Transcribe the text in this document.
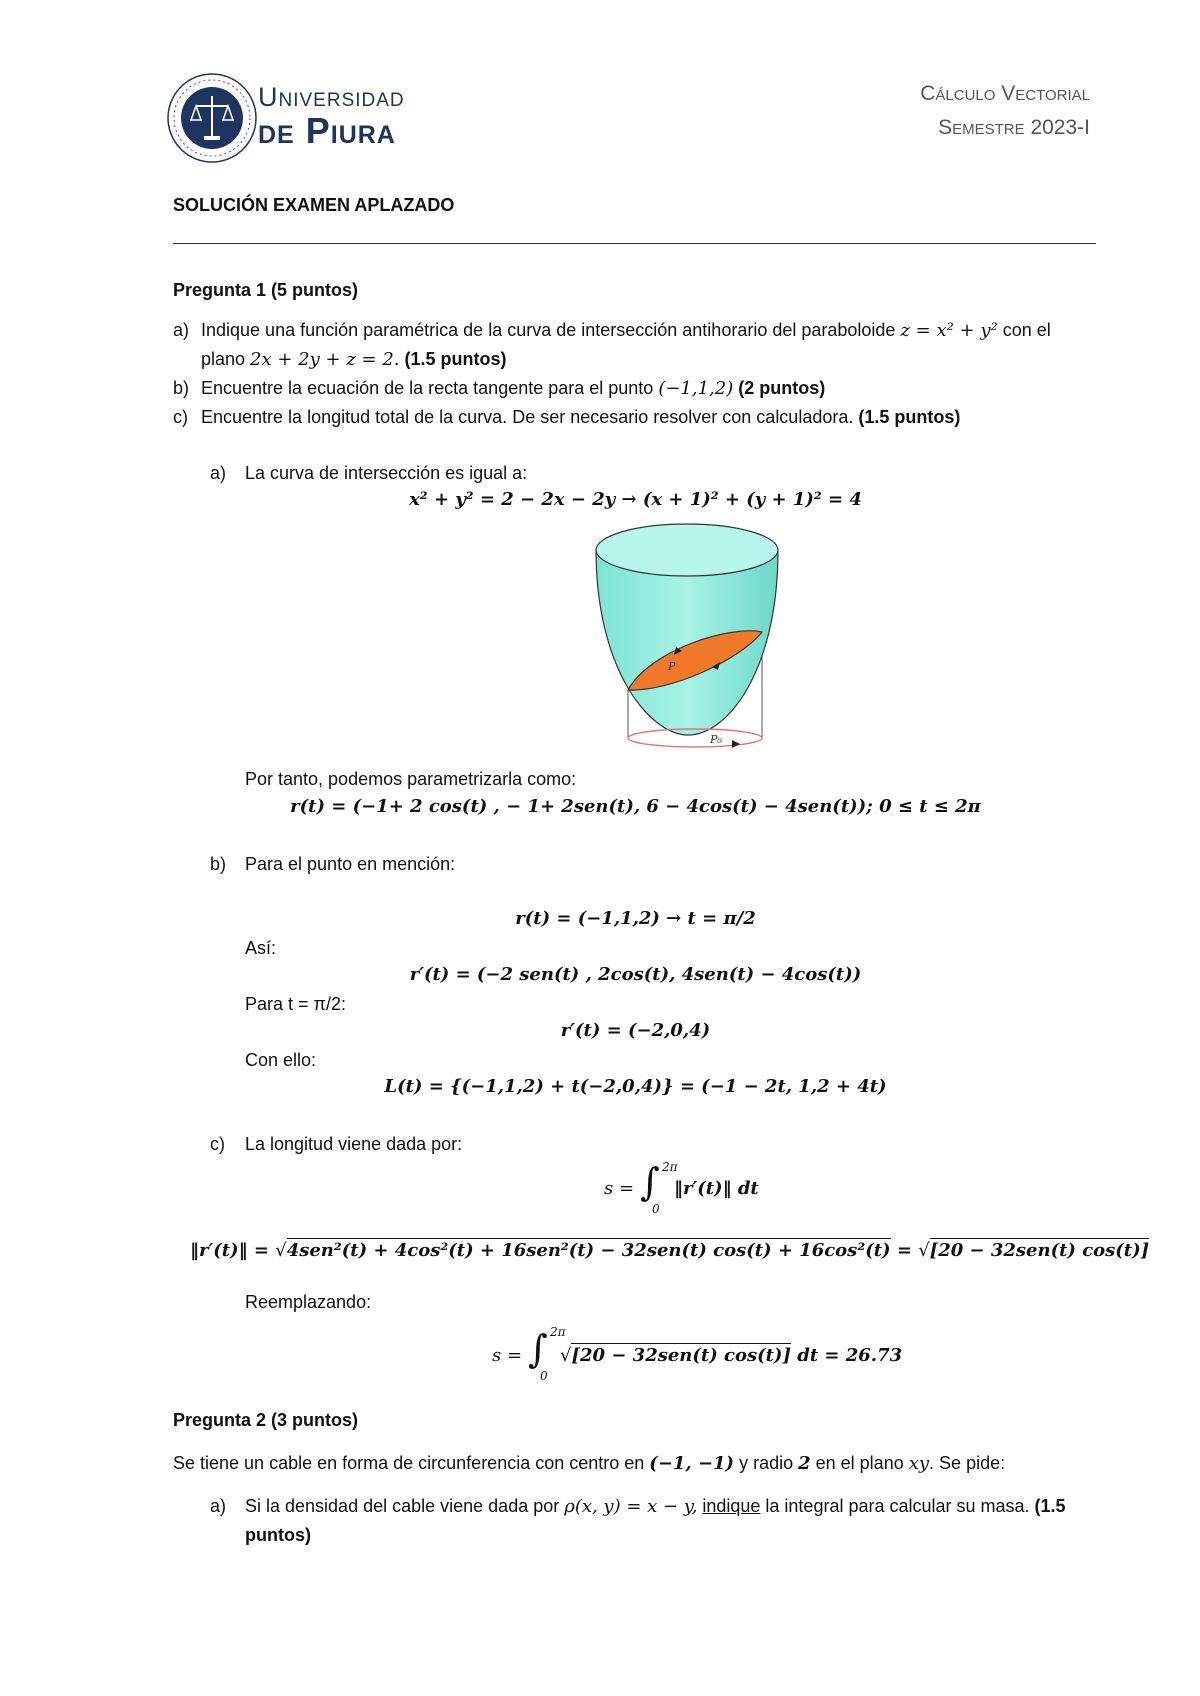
Universidad
de Piura
Cálculo Vectorial
Semestre 2023-I
SOLUCIÓN EXAMEN APLAZADO
Pregunta 1 (5 puntos)
a) Indique una función paramétrica de la curva de intersección antihorario del paraboloide z = x² + y² con el
plano 2x + 2y + z = 2. (1.5 puntos)
b) Encuentre la ecuación de la recta tangente para el punto (−1,1,2) (2 puntos)
c) Encuentre la longitud total de la curva. De ser necesario resolver con calculadora. (1.5 puntos)
a) La curva de intersección es igual a:
x² + y² = 2 − 2x − 2y → (x + 1)² + (y + 1)² = 4
P
P₀
Por tanto, podemos parametrizarla como:
r(t) = (−1+ 2 cos(t) , − 1+ 2sen(t), 6 − 4cos(t) − 4sen(t)); 0 ≤ t ≤ 2π
b) Para el punto en mención:
r(t) = (−1,1,2) → t = π/2
Así:
r′(t) = (−2 sen(t) , 2cos(t), 4sen(t) − 4cos(t))
Para t = π/2:
r′(t) = (−2,0,4)
Con ello:
L(t) = {(−1,1,2) + t(−2,0,4)} = (−1 − 2t, 1,2 + 4t)
c) La longitud viene dada por:
s = ∫ 2π
0
‖r′(t)‖ dt
‖r′(t)‖ = √4sen²(t) + 4cos²(t) + 16sen²(t) − 32sen(t) cos(t) + 16cos²(t) = √[20 − 32sen(t) cos(t)]
Reemplazando:
s = ∫ 2π
0
√[20 − 32sen(t) cos(t)] dt = 26.73
Pregunta 2 (3 puntos)
Se tiene un cable en forma de circunferencia con centro en (−1, −1) y radio 2 en el plano xy. Se pide:
a) Si la densidad del cable viene dada por ρ(x, y) = x − y, indique la integral para calcular su masa. (1.5
puntos)
